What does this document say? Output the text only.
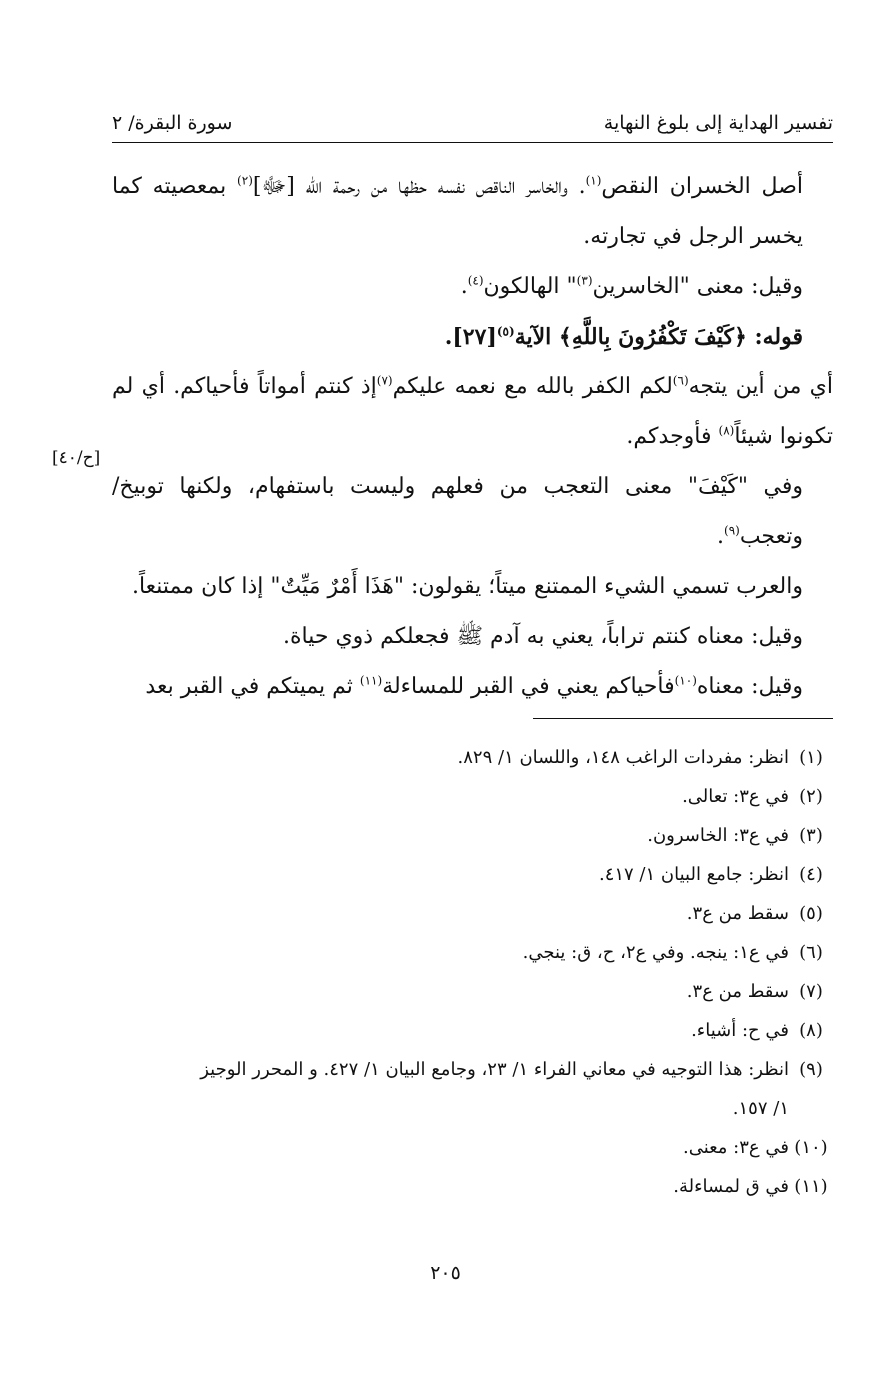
تفسير الهداية إلى بلوغ النهاية
سورة البقرة/ ٢

أصل الخسران النقص$^{(١)}$. والخاسر الناقص نفسه حظها من رحمة الله [ﷻ]$^{(٢)}$ بمعصيته كما يخسر الرجل في تجارته.

وقيل: معنى "الخاسرين$^{(٣)}$" الهالكون$^{(٤)}$.

قوله: ﴿كَيْفَ تَكْفُرُونَ بِاللَّهِ﴾ الآية$^{(٥)}$[٢٧].

أي من أين يتجه$^{(٦)}$لكم الكفر بالله مع نعمه عليكم$^{(٧)}$إذ كنتم أمواتاً فأحياكم. أي لم تكونوا شيئاً$^{(٨)}$ فأوجدكم.

وفي "كَيْفَ" معنى التعجب من فعلهم وليست باستفهام، ولكنها توبيخ/ وتعجب$^{(٩)}$.

والعرب تسمي الشيء الممتنع ميتاً؛ يقولون: "هَذَا أَمْرٌ مَيِّتٌ" إذا كان ممتنعاً.

وقيل: معناه كنتم تراباً، يعني به آدم ﷺ فجعلكم ذوي حياة.

وقيل: معناه$^{(١٠)}$فأحياكم يعني في القبر للمساءلة$^{(١١)}$ ثم يميتكم في القبر بعد

[ح/٤٠]

(١)
انظر: مفردات الراغب ١٤٨، واللسان ١/ ٨٢٩.

(٢)
في ع٣: تعالى.

(٣)
في ع٣: الخاسرون.

(٤)
انظر: جامع البيان ١/ ٤١٧.

(٥)
سقط من ع٣.

(٦)
في ع١: ينجه. وفي ع٢، ح، ق: ينجي.

(٧)
سقط من ع٣.

(٨)
في ح: أشياء.

(٩)
انظر: هذا التوجيه في معاني الفراء ١/ ٢٣، وجامع البيان ١/ ٤٢٧. و المحرر الوجيز

١/ ١٥٧.

(١٠)
في ع٣: معنى.

(١١)
في ق لمساءلة.

٢٠٥
